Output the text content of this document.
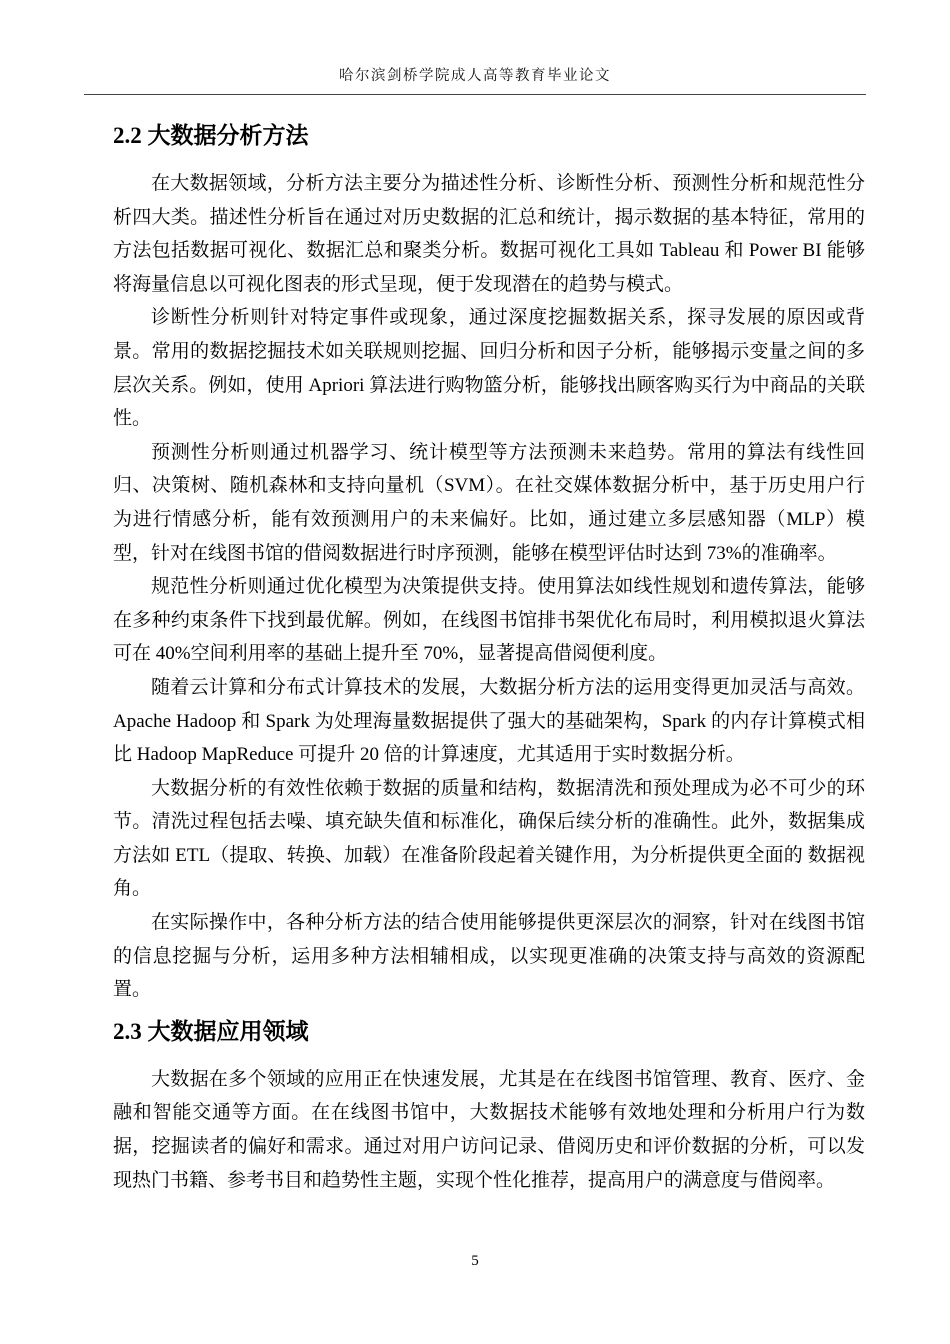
哈尔滨剑桥学院成人高等教育毕业论文
2.2 大数据分析方法

在大数据领域，分析方法主要分为描述性分析、诊断性分析、预测性分析和规范性分析四大类。描述性分析旨在通过对历史数据的汇总和统计，揭示数据的基本特征，常用的方法包括数据可视化、数据汇总和聚类分析。数据可视化工具如 Tableau 和 Power BI 能够 将海量信息以可视化图表的形式呈现，便于发现潜在的趋势与模式。

诊断性分析则针对特定事件或现象，通过深度挖掘数据关系，探寻发展的原因或背景。常用的数据挖掘技术如关联规则挖掘、回归分析和因子分析，能够揭示变量之间的多层次关系。例如，使用 Apriori 算法进行购物篮分析，能够找出顾客购买行为中商品的关联性。

预测性分析则通过机器学习、统计模型等方法预测未来趋势。常用的算法有线性回归、决策树、随机森林和支持向量机（SVM）。在社交媒体数据分析中，基于历史用户行为进行情感分析，能有效预测用户的未来偏好。比如，通过建立多层感知器（MLP）模型，针对在线图书馆的借阅数据进行时序预测，能够在模型评估时达到 73%的准确率。

规范性分析则通过优化模型为决策提供支持。使用算法如线性规划和遗传算法，能够在多种约束条件下找到最优解。例如，在线图书馆排书架优化布局时，利用模拟退火算法可在 40%空间利用率的基础上提升至 70%，显著提高借阅便利度。

随着云计算和分布式计算技术的发展，大数据分析方法的运用变得更加灵活与高效。Apache Hadoop 和 Spark 为处理海量数据提供了强大的基础架构，Spark 的内存计算模式相 比 Hadoop MapReduce 可提升 20 倍的计算速度，尤其适用于实时数据分析。

大数据分析的有效性依赖于数据的质量和结构，数据清洗和预处理成为必不可少的环节。清洗过程包括去噪、填充缺失值和标准化，确保后续分析的准确性。此外，数据集成方法如 ETL（提取、转换、加载）在准备阶段起着关键作用，为分析提供更全面的 数据视 角。

在实际操作中，各种分析方法的结合使用能够提供更深层次的洞察，针对在线图书馆的信息挖掘与分析，运用多种方法相辅相成，以实现更准确的决策支持与高效的资源配置。

2.3 大数据应用领域

大数据在多个领域的应用正在快速发展，尤其是在在线图书馆管理、教育、医疗、金融和智能交通等方面。在在线图书馆中，大数据技术能够有效地处理和分析用户行为数据，挖掘读者的偏好和需求。通过对用户访问记录、借阅历史和评价数据的分析，可以发现热门书籍、参考书目和趋势性主题，实现个性化推荐，提高用户的满意度与借阅率。

5
